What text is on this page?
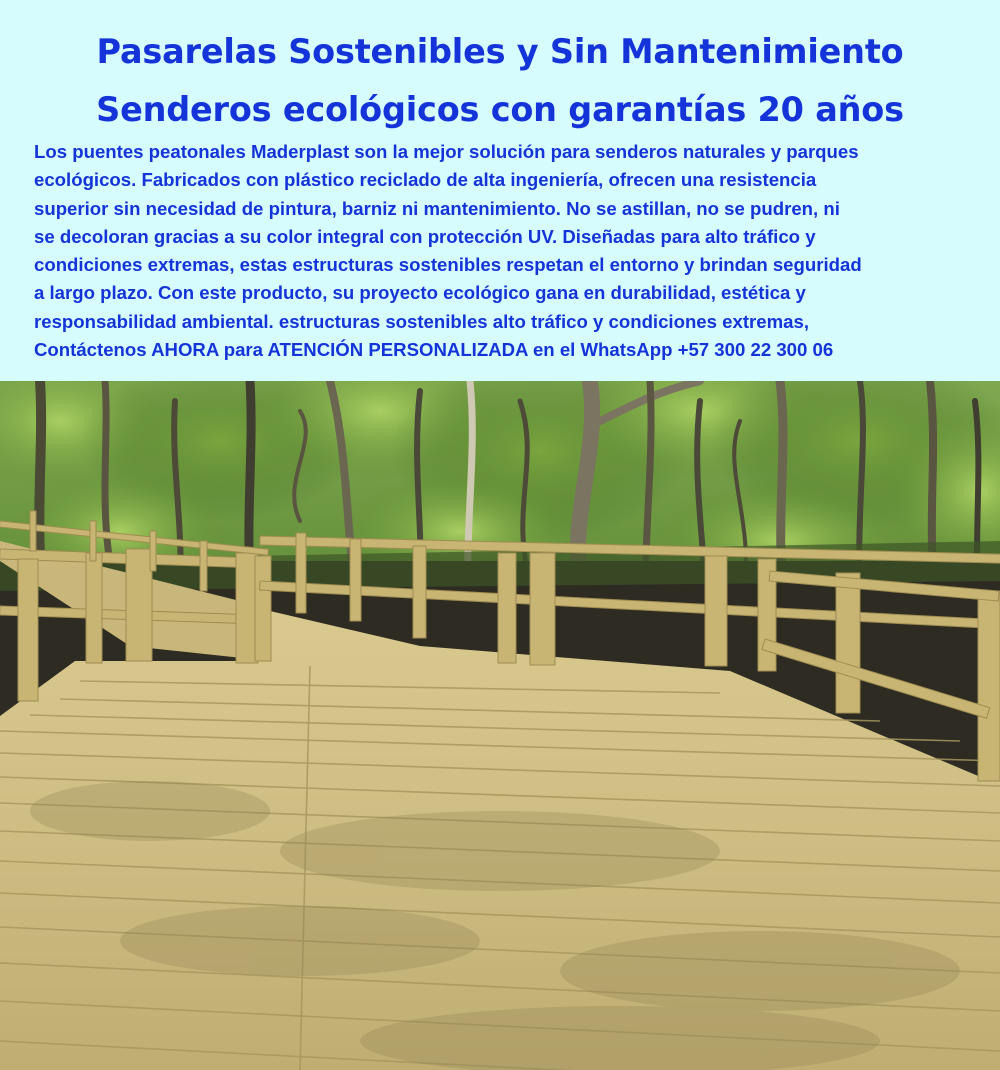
Pasarelas Sostenibles y Sin Mantenimiento
Senderos ecológicos con garantías 20 años
Los puentes peatonales Maderplast son la mejor solución para senderos naturales y parques
ecológicos. Fabricados con plástico reciclado de alta ingeniería, ofrecen una resistencia
superior sin necesidad de pintura, barniz ni mantenimiento. No se astillan, no se pudren, ni
se decoloran gracias a su color integral con protección UV. Diseñadas para alto tráfico y
condiciones extremas, estas estructuras sostenibles respetan el entorno y brindan seguridad
a largo plazo. Con este producto, su proyecto ecológico gana en durabilidad, estética y
responsabilidad ambiental. estructuras sostenibles alto tráfico y condiciones extremas,
Contáctenos AHORA para ATENCIÓN PERSONALIZADA en el WhatsApp +57 300 22 300 06
